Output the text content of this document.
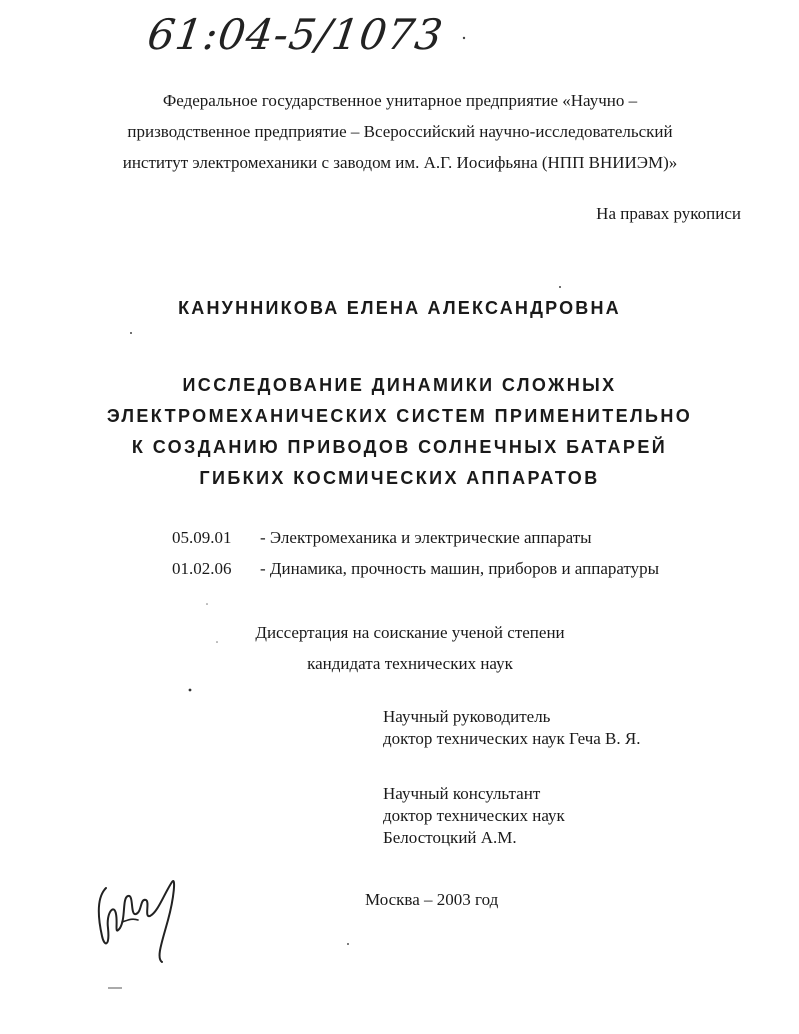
61:04-5/1073
Федеральное государственное унитарное предприятие «Научно –
призводственное предприятие – Всероссийский научно-исследовательский
институт электромеханики с заводом им. А.Г. Иосифьяна (НПП ВНИИЭМ)»
На правах рукописи
КАНУННИКОВА ЕЛЕНА АЛЕКСАНДРОВНА
ИССЛЕДОВАНИЕ ДИНАМИКИ СЛОЖНЫХ
ЭЛЕКТРОМЕХАНИЧЕСКИХ СИСТЕМ ПРИМЕНИТЕЛЬНО
К СОЗДАНИЮ ПРИВОДОВ СОЛНЕЧНЫХ БАТАРЕЙ
ГИБКИХ КОСМИЧЕСКИХ АППАРАТОВ
05.09.01 - Электромеханика и электрические аппараты
01.02.06 - Динамика, прочность машин, приборов и аппаратуры
Диссертация на соискание ученой степени
кандидата технических наук
Научный руководитель
доктор технических наук Геча В. Я.
Научный консультант
доктор технических наук
Белостоцкий А.М.
Москва – 2003 год
